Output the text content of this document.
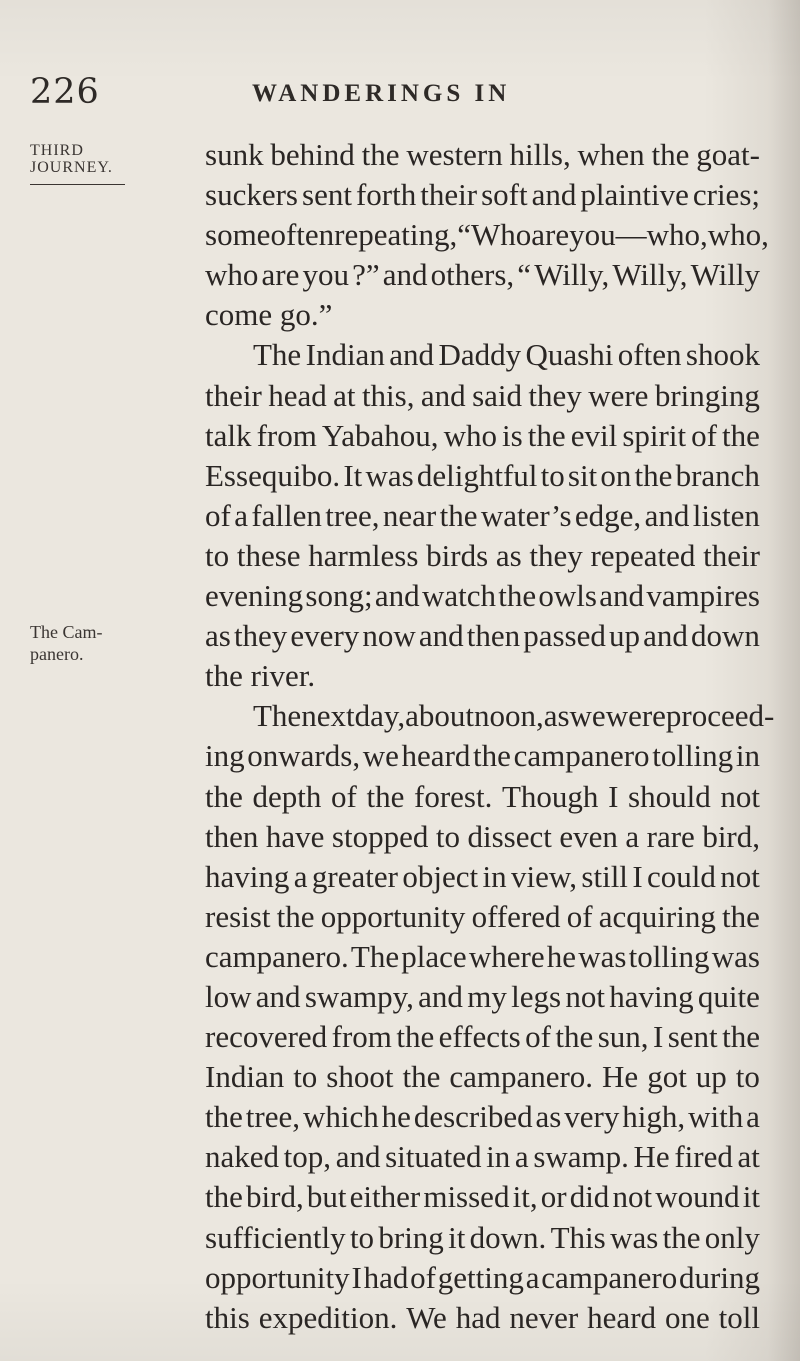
226	WANDERINGS IN
THIRD JOURNEY.
The Cam- panero.
sunk behind the western hills, when the goat-
suckers sent forth their soft and plaintive cries;
some often repeating, “ Who are you—who, who,
who are you ?” and others, “ Willy, Willy, Willy
come go.”
The Indian and Daddy Quashi often shook
their head at this, and said they were bringing
talk from Yabahou, who is the evil spirit of the
Essequibo. It was delightful to sit on the branch
of a fallen tree, near the water’s edge, and listen
to these harmless birds as they repeated their
evening song; and watch the owls and vampires
as they every now and then passed up and down
the river.
The next day, about noon, as we were proceed-
ing onwards, we heard the campanero tolling in
the depth of the forest. Though I should not
then have stopped to dissect even a rare bird,
having a greater object in view, still I could not
resist the opportunity offered of acquiring the
campanero. The place where he was tolling was
low and swampy, and my legs not having quite
recovered from the effects of the sun, I sent the
Indian to shoot the campanero. He got up to
the tree, which he described as very high, with a
naked top, and situated in a swamp. He fired at
the bird, but either missed it, or did not wound it
sufficiently to bring it down. This was the only
opportunity I had of getting a campanero during
this expedition. We had never heard one toll
